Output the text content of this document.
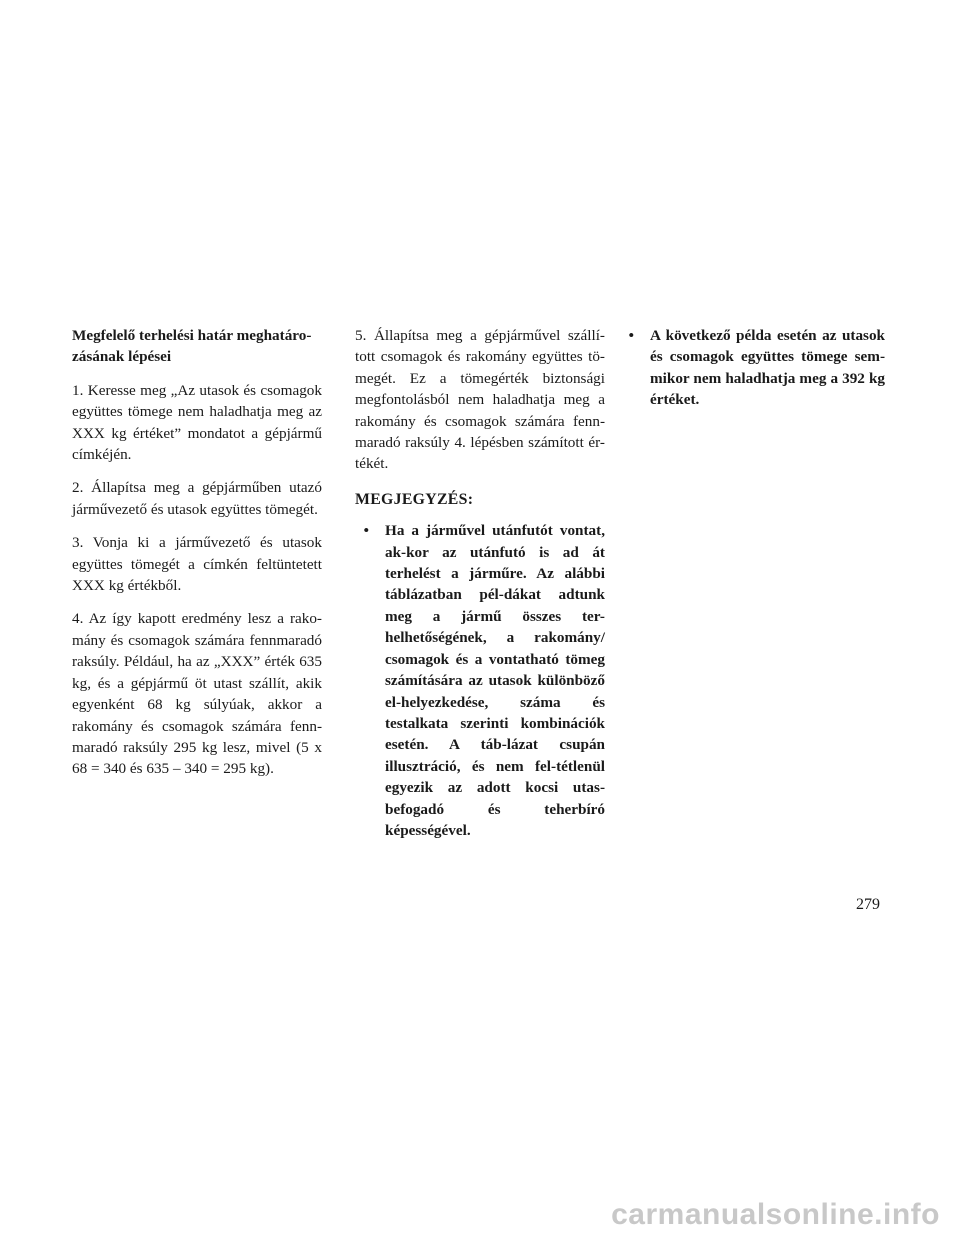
Megfelelő terhelési határ meghatáro-zásának lépései

1. Keresse meg „Az utasok és csomagok együttes tömege nem haladhatja meg az XXX kg értéket” mondatot a gépjármű címkéjén.

2. Állapítsa meg a gépjárműben utazó járművezető és utasok együttes tömegét.

3. Vonja ki a járművezető és utasok együttes tömegét a címkén feltüntetett XXX kg értékből.

4. Az így kapott eredmény lesz a rako-mány és csomagok számára fennmaradó raksúly. Például, ha az „XXX” érték 635 kg, és a gépjármű öt utast szállít, akik egyenként 68 kg súlyúak, akkor a rakomány és csomagok számára fenn-maradó raksúly 295 kg lesz, mivel (5 x 68 = 340 és 635 – 340 = 295 kg).

5. Állapítsa meg a gépjárművel szállí-tott csomagok és rakomány együttes tö-megét. Ez a tömegérték biztonsági megfontolásból nem haladhatja meg a rakomány és csomagok számára fenn-maradó raksúly 4. lépésben számított ér-tékét.

MEGJEGYZÉS:
• Ha a járművel utánfutót vontat, ak-kor az utánfutó is ad át terhelést a járműre. Az alábbi táblázatban pél-dákat adtunk meg a jármű összes ter-helhetőségének, a rakomány/ csomagok és a vontatható tömeg számítására az utasok különböző el-helyezkedése, száma és testalkata szerinti kombinációk esetén. A táb-lázat csupán illusztráció, és nem fel-tétlenül egyezik az adott kocsi utas-befogadó és teherbíró képességével.
• A következő példa esetén az utasok és csomagok együttes tömege sem-mikor nem haladhatja meg a 392 kg értéket.
279
carmanualsonline.info
